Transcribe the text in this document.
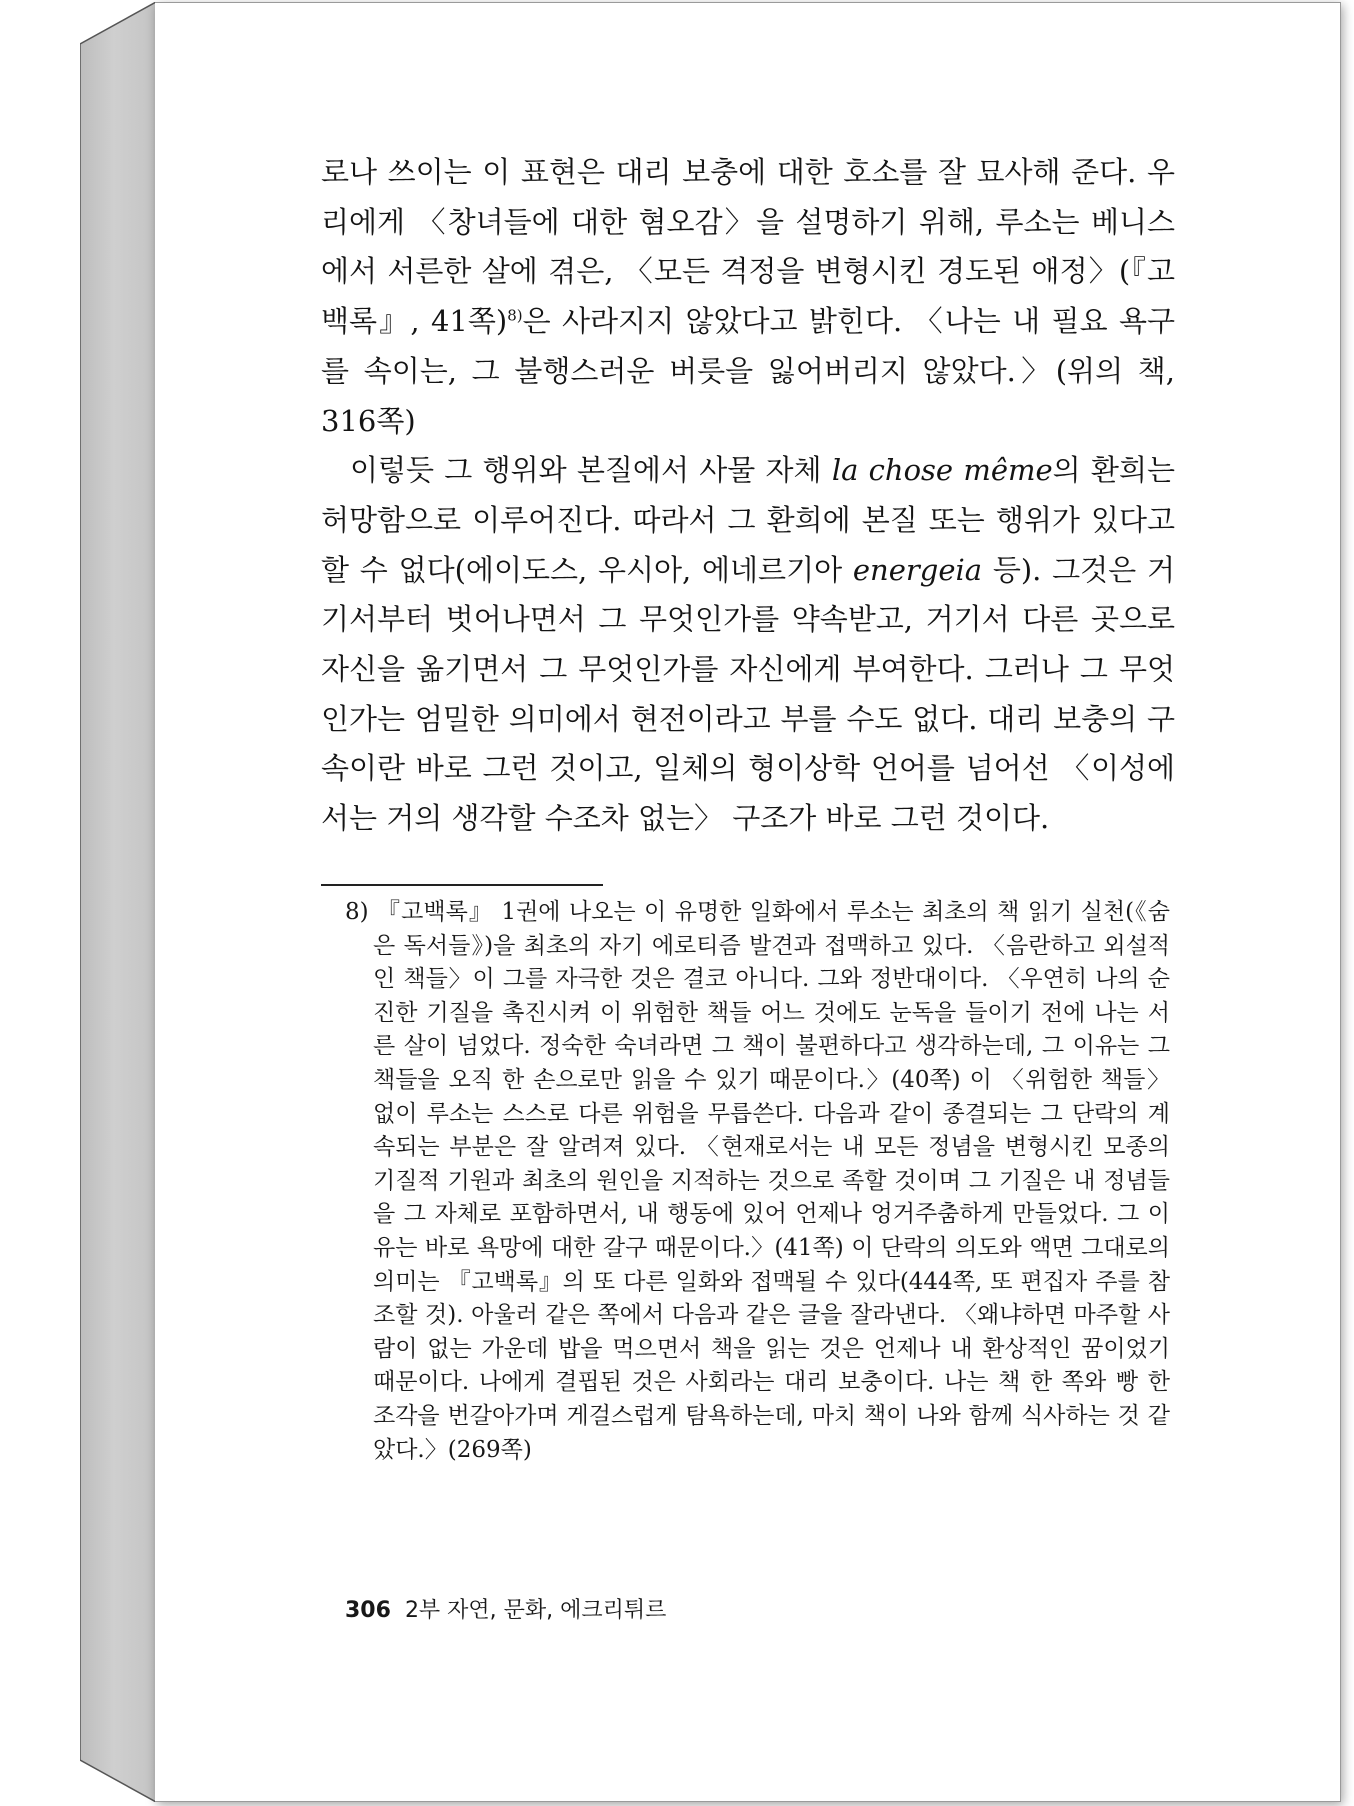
로나 쓰이는 이 표현은 대리 보충에 대한 호소를 잘 묘사해 준다. 우리에게 〈창녀들에 대한 혐오감〉을 설명하기 위해, 루소는 베니스에서 서른한 살에 겪은, 〈모든 격정을 변형시킨 경도된 애정〉(『고백록』, 41쪽)$^{8)}$은 사라지지 않았다고 밝힌다. 〈나는 내 필요 욕구를 속이는, 그 불행스러운 버릇을 잃어버리지 않았다.〉(위의 책, 316쪽)

이렇듯 그 행위와 본질에서 사물 자체 la chose même의 환희는 허망함으로 이루어진다. 따라서 그 환희에 본질 또는 행위가 있다고 할 수 없다(에이도스, 우시아, 에네르기아 energeia 등). 그것은 거기서부터 벗어나면서 그 무엇인가를 약속받고, 거기서 다른 곳으로 자신을 옮기면서 그 무엇인가를 자신에게 부여한다. 그러나 그 무엇인가는 엄밀한 의미에서 현전이라고 부를 수도 없다. 대리 보충의 구속이란 바로 그런 것이고, 일체의 형이상학 언어를 넘어선 〈이성에서는 거의 생각할 수조차 없는〉 구조가 바로 그런 것이다.

8) 『고백록』 1권에 나오는 이 유명한 일화에서 루소는 최초의 책 읽기 실천(《숨은 독서들》)을 최초의 자기 에로티즘 발견과 접맥하고 있다. 〈음란하고 외설적인 책들〉이 그를 자극한 것은 결코 아니다. 그와 정반대이다. 〈우연히 나의 순진한 기질을 촉진시켜 이 위험한 책들 어느 것에도 눈독을 들이기 전에 나는 서른 살이 넘었다. 정숙한 숙녀라면 그 책이 불편하다고 생각하는데, 그 이유는 그 책들을 오직 한 손으로만 읽을 수 있기 때문이다.〉(40쪽) 이 〈위험한 책들〉 없이 루소는 스스로 다른 위험을 무릅쓴다. 다음과 같이 종결되는 그 단락의 계속되는 부분은 잘 알려져 있다. 〈현재로서는 내 모든 정념을 변형시킨 모종의 기질적 기원과 최초의 원인을 지적하는 것으로 족할 것이며 그 기질은 내 정념들을 그 자체로 포함하면서, 내 행동에 있어 언제나 엉거주춤하게 만들었다. 그 이유는 바로 욕망에 대한 갈구 때문이다.〉(41쪽) 이 단락의 의도와 액면 그대로의 의미는 『고백록』의 또 다른 일화와 접맥될 수 있다(444쪽, 또 편집자 주를 참조할 것). 아울러 같은 쪽에서 다음과 같은 글을 잘라낸다. 〈왜냐하면 마주할 사람이 없는 가운데 밥을 먹으면서 책을 읽는 것은 언제나 내 환상적인 꿈이었기 때문이다. 나에게 결핍된 것은 사회라는 대리 보충이다. 나는 책 한 쪽와 빵 한 조각을 번갈아가며 게걸스럽게 탐욕하는데, 마치 책이 나와 함께 식사하는 것 같았다.〉(269쪽)

306 2부 자연, 문화, 에크리튀르
